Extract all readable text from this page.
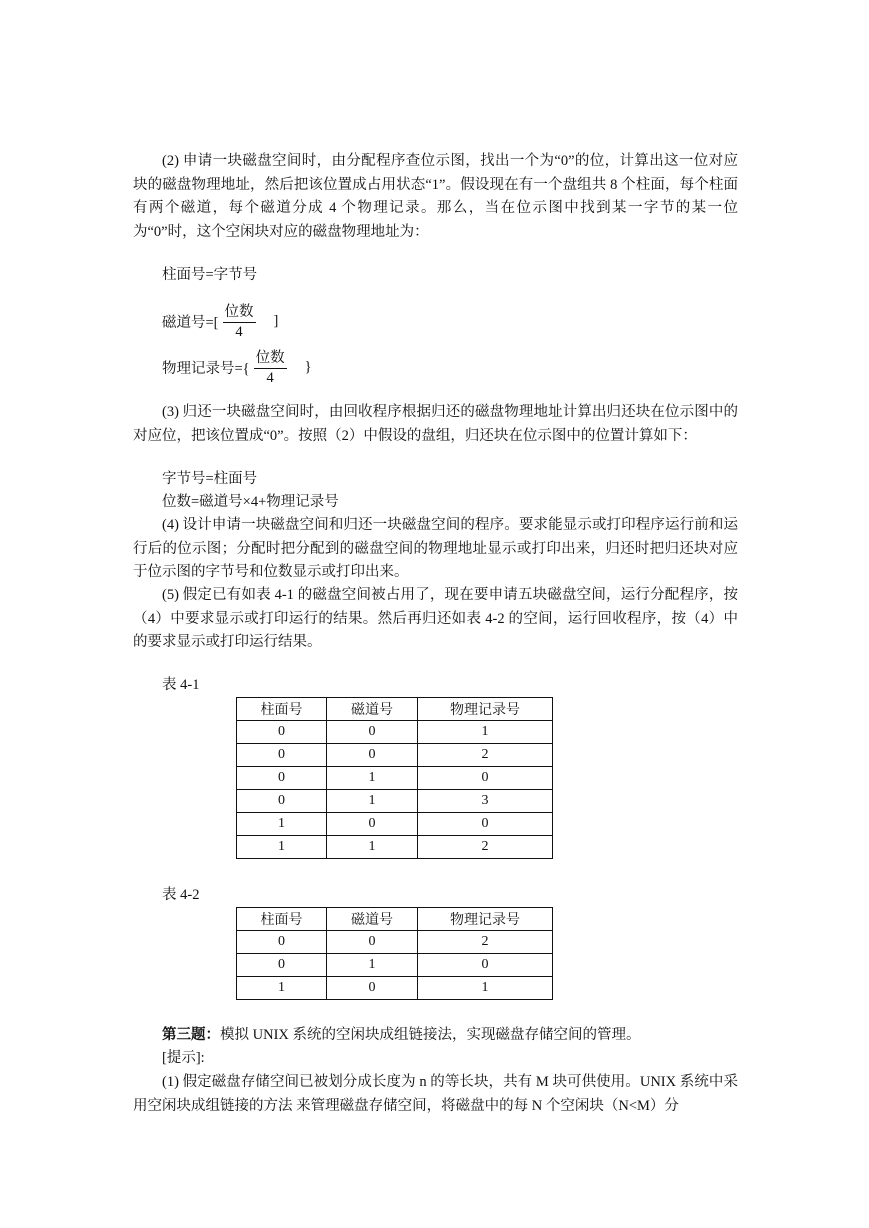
(2) 申请一块磁盘空间时，由分配程序查位示图，找出一个为“0”的位，计算出这一位对应块的磁盘物理地址，然后把该位置成占用状态“1”。假设现在有一个盘组共 8 个柱面，每个柱面有两个磁道，每个磁道分成 4 个物理记录。那么，当在位示图中找到某一字节的某一位为“0”时，这个空闲块对应的磁盘物理地址为：

柱面号=字节号
磁道号=[ $\frac{\text{位数}}{4}$ ]
物理记录号={ $\frac{\text{位数}}{4}$ }

(3) 归还一块磁盘空间时，由回收程序根据归还的磁盘物理地址计算出归还块在位示图中的对应位，把该位置成“0”。按照（2）中假设的盘组，归还块在位示图中的位置计算如下：

字节号=柱面号
位数=磁道号×4+物理记录号

(4) 设计申请一块磁盘空间和归还一块磁盘空间的程序。要求能显示或打印程序运行前和运行后的位示图；分配时把分配到的磁盘空间的物理地址显示或打印出来，归还时把归还块对应于位示图的字节号和位数显示或打印出来。

(5) 假定已有如表 4-1 的磁盘空间被占用了，现在要申请五块磁盘空间，运行分配程序，按（4）中要求显示或打印运行的结果。然后再归还如表 4-2 的空间，运行回收程序，按（4）中的要求显示或打印运行结果。

表 4-1
柱面号	磁道号	物理记录号
0	0	1
0	0	2
0	1	0
0	1	3
1	0	0
1	1	2
表 4-2
柱面号	磁道号	物理记录号
0	0	2
0	1	0
1	0	1

第三题：模拟 UNIX 系统的空闲块成组链接法，实现磁盘存储空间的管理。

[提示]:

(1) 假定磁盘存储空间已被划分成长度为 n 的等长块，共有 M 块可供使用。UNIX 系统中采用空闲块成组链接的方法 来管理磁盘存储空间，将磁盘中的每 N 个空闲块（N<M）分
